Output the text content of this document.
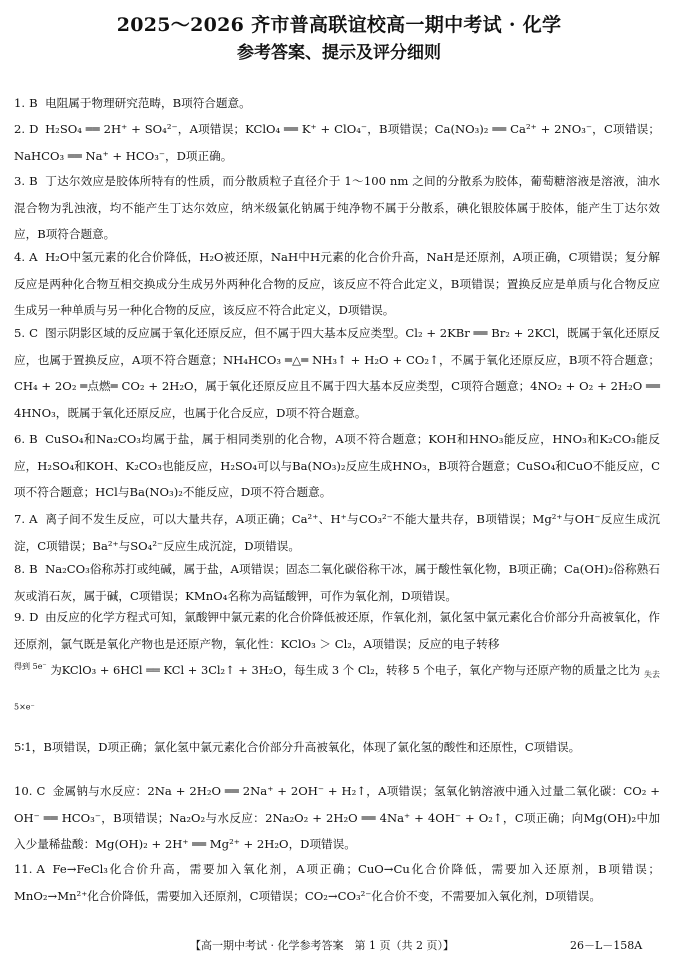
2025～2026 齐市普高联谊校高一期中考试 · 化学
参考答案、提示及评分细则
1. B 电阻属于物理研究范畴，B项符合题意。
2. D H₂SO₄ ══ 2H⁺ + SO₄²⁻，A项错误；KClO₄ ══ K⁺ + ClO₄⁻，B项错误；Ca(NO₃)₂ ══ Ca²⁺ + 2NO₃⁻，C项错误；NaHCO₃ ══ Na⁺ + HCO₃⁻，D项正确。
3. B 丁达尔效应是胶体所特有的性质，而分散质粒子直径介于 1～100 nm 之间的分散系为胶体，葡萄糖溶液是溶液，油水混合物为乳浊液，均不能产生丁达尔效应，纳米级氯化钠属于纯净物不属于分散系，碘化银胶体属于胶体，能产生丁达尔效应，B项符合题意。
4. A H₂O中氢元素的化合价降低，H₂O被还原，NaH中H元素的化合价升高，NaH是还原剂，A项正确，C项错误；复分解反应是两种化合物互相交换成分生成另外两种化合物的反应，该反应不符合此定义，B项错误；置换反应是单质与化合物反应生成另一种单质与另一种化合物的反应，该反应不符合此定义，D项错误。
5. C 图示阴影区域的反应属于氧化还原反应，但不属于四大基本反应类型。Cl₂ + 2KBr ══ Br₂ + 2KCl，既属于氧化还原反应，也属于置换反应，A项不符合题意；NH₄HCO₃ ═△═ NH₃↑ + H₂O + CO₂↑，不属于氧化还原反应，B项不符合题意；CH₄ + 2O₂ ═点燃═ CO₂ + 2H₂O，属于氧化还原反应且不属于四大基本反应类型，C项符合题意；4NO₂ + O₂ + 2H₂O ══ 4HNO₃，既属于氧化还原反应，也属于化合反应，D项不符合题意。
6. B CuSO₄和Na₂CO₃均属于盐，属于相同类别的化合物，A项不符合题意；KOH和HNO₃能反应，HNO₃和K₂CO₃能反应，H₂SO₄和KOH、K₂CO₃也能反应，H₂SO₄可以与Ba(NO₃)₂反应生成HNO₃，B项符合题意；CuSO₄和CuO不能反应，C项不符合题意；HCl与Ba(NO₃)₂不能反应，D项不符合题意。
7. A 离子间不发生反应，可以大量共存，A项正确；Ca²⁺、H⁺与CO₃²⁻不能大量共存，B项错误；Mg²⁺与OH⁻反应生成沉淀，C项错误；Ba²⁺与SO₄²⁻反应生成沉淀，D项错误。
8. B Na₂CO₃俗称苏打或纯碱，属于盐，A项错误；固态二氧化碳俗称干冰，属于酸性氧化物，B项正确；Ca(OH)₂俗称熟石灰或消石灰，属于碱，C项错误；KMnO₄名称为高锰酸钾，可作为氧化剂，D项错误。
9. D 由反应的化学方程式可知，氯酸钾中氯元素的化合价降低被还原，作氧化剂，氯化氢中氯元素化合价部分升高被氧化，作还原剂，氯气既是氧化产物也是还原产物，氧化性：KClO₃ ＞ Cl₂，A项错误；反应的电子转移
$^{得到 5e^-}$ 为KClO₃ + 6HCl ══ KCl + 3Cl₂↑ + 3H₂O，每生成 3 个 Cl₂，转移 5 个电子，氧化产物与还原产物的质量之比为 $_{失去 5\times e^-}$
5∶1，B项错误，D项正确；氯化氢中氯元素化合价部分升高被氧化，体现了氯化氢的酸性和还原性，C项错误。
10. C 金属钠与水反应：2Na + 2H₂O ══ 2Na⁺ + 2OH⁻ + H₂↑，A项错误；氢氧化钠溶液中通入过量二氧化碳：CO₂ + OH⁻ ══ HCO₃⁻，B项错误；Na₂O₂与水反应：2Na₂O₂ + 2H₂O ══ 4Na⁺ + 4OH⁻ + O₂↑，C项正确；向Mg(OH)₂中加入少量稀盐酸：Mg(OH)₂ + 2H⁺ ══ Mg²⁺ + 2H₂O，D项错误。
11. A Fe→FeCl₃化合价升高，需要加入氧化剂，A项正确；CuO→Cu化合价降低，需要加入还原剂，B项错误；MnO₂→Mn²⁺化合价降低，需要加入还原剂，C项错误；CO₂→CO₃²⁻化合价不变，不需要加入氧化剂，D项错误。
【高一期中考试 · 化学参考答案　第 1 页（共 2 页）】	26－L－158A
